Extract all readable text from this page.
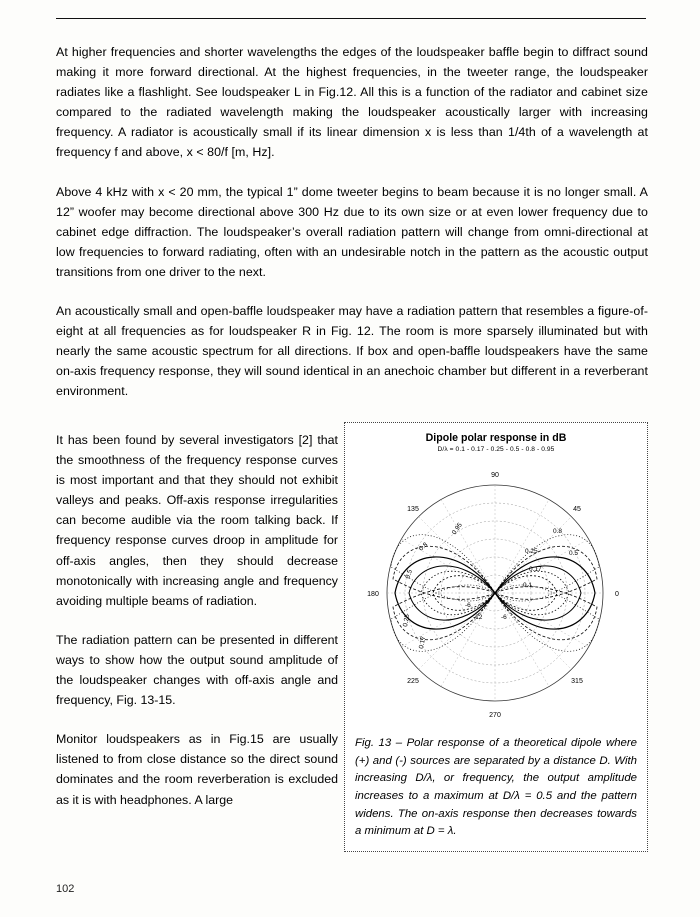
At higher frequencies and shorter wavelengths the edges of the loudspeaker baffle begin to diffract sound making it more forward directional. At the highest frequencies, in the tweeter range, the loudspeaker radiates like a flashlight. See loudspeaker L in Fig.12. All this is a function of the radiator and cabinet size compared to the radiated wavelength making the loudspeaker acoustically larger with increasing frequency. A radiator is acoustically small if its linear dimension x is less than 1/4th of a wavelength at frequency f and above, x < 80/f [m, Hz].

Above 4 kHz with x < 20 mm, the typical 1” dome tweeter begins to beam because it is no longer small. A 12” woofer may become directional above 300 Hz due to its own size or at even lower frequency due to cabinet edge diffraction. The loudspeaker’s overall radiation pattern will change from omni-directional at low frequencies to forward radiating, often with an undesirable notch in the pattern as the acoustic output transitions from one driver to the next.

An acoustically small and open-baffle loudspeaker may have a radiation pattern that resembles a figure-of-eight at all frequencies as for loudspeaker R in Fig. 12. The room is more sparsely illuminated but with nearly the same acoustic spectrum for all directions. If box and open-baffle loudspeakers have the same on-axis frequency response, they will sound identical in an anechoic chamber but different in a reverberant environment.

It has been found by several investigators [2] that the smoothness of the frequency response curves is most important and that they should not exhibit valleys and peaks. Off-axis response irregularities can become audible via the room talking back. If frequency response curves droop in amplitude for off-axis angles, then they should decrease monotonically with increasing angle and frequency avoiding multiple beams of radiation.

The radiation pattern can be presented in different ways to show how the output sound amplitude of the loudspeaker changes with off-axis angle and frequency, Fig. 13-15.

Monitor loudspeakers as in Fig.15 are usually listened to from close distance so the direct sound dominates and the room reverberation is excluded as it is with headphones. A large

Dipole polar response in dB
D/λ = 0.1 - 0.17 - 0.25 - 0.5 - 0.8 - 0.95
0.8
0.95
0.5
0.25
0.17
-6
0.25
0.17
0.1
0.5
0.8
-12	-6
90
135	45
180	0
225	315
270
Fig. 13 – Polar response of a theoretical dipole where (+) and (-) sources are separated by a distance D. With increasing D/λ, or frequency, the output amplitude increases to a maximum at D/λ = 0.5 and the pattern widens. The on-axis response then decreases towards a minimum at D = λ.
102
